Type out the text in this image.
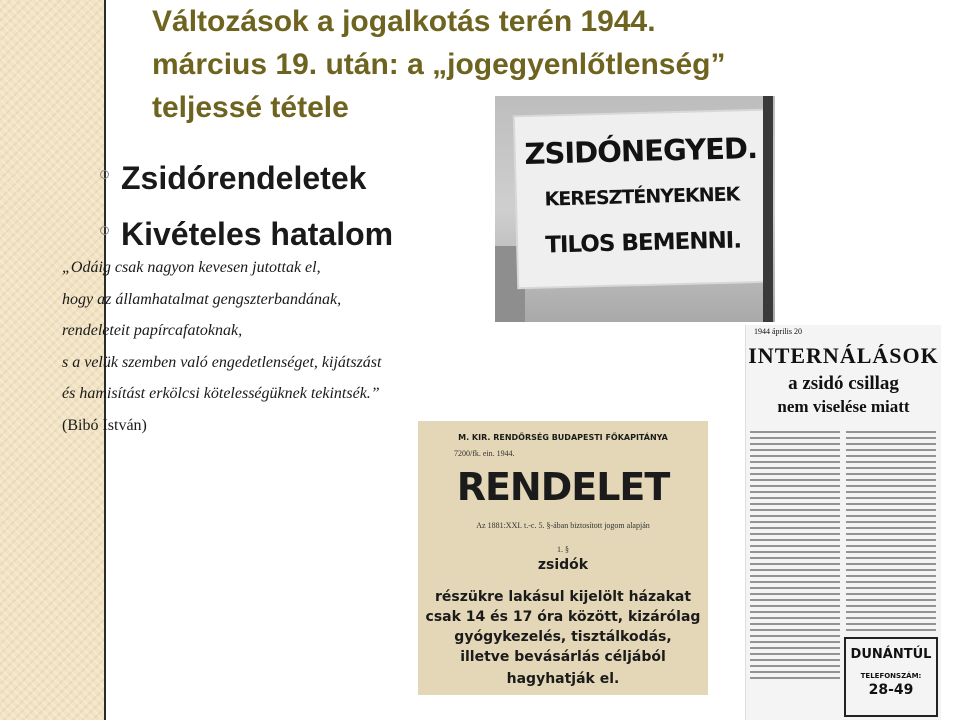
Változások a jogalkotás terén 1944.
március 19. után: a „jogegyenlőtlenség”
teljessé tétele
Zsidórendeletek
Kivételes hatalom
„Odáig csak nagyon kevesen jutottak el,
hogy az államhatalmat gengszterbandának,
rendeleteit papírcafatoknak,
s a velük szemben való engedetlenséget, kijátszást
és hamisítást erkölcsi kötelességüknek tekintsék.”
(Bibó István)
ZSIDÓNEGYED.
KERESZTÉNYEKNEK
TILOS BEMENNI.
1944 április 20
INTERNÁLÁSOK
a zsidó csillag
nem viselése miatt
DUNÁNTÚL
TELEFONSZÁM:
28-49
M. KIR. RENDŐRSÉG BUDAPESTI FŐKAPITÁNYA
7200/fk. ein. 1944.
RENDELET
Az 1881:XXI. t.-c. 5. §-ában biztosított jogom alapján
1. §
zsidók
részükre lakásul kijelölt házakat
csak 14 és 17 óra között, kizárólag
gyógykezelés, tisztálkodás,
illetve bevásárlás céljából
hagyhatják el.
